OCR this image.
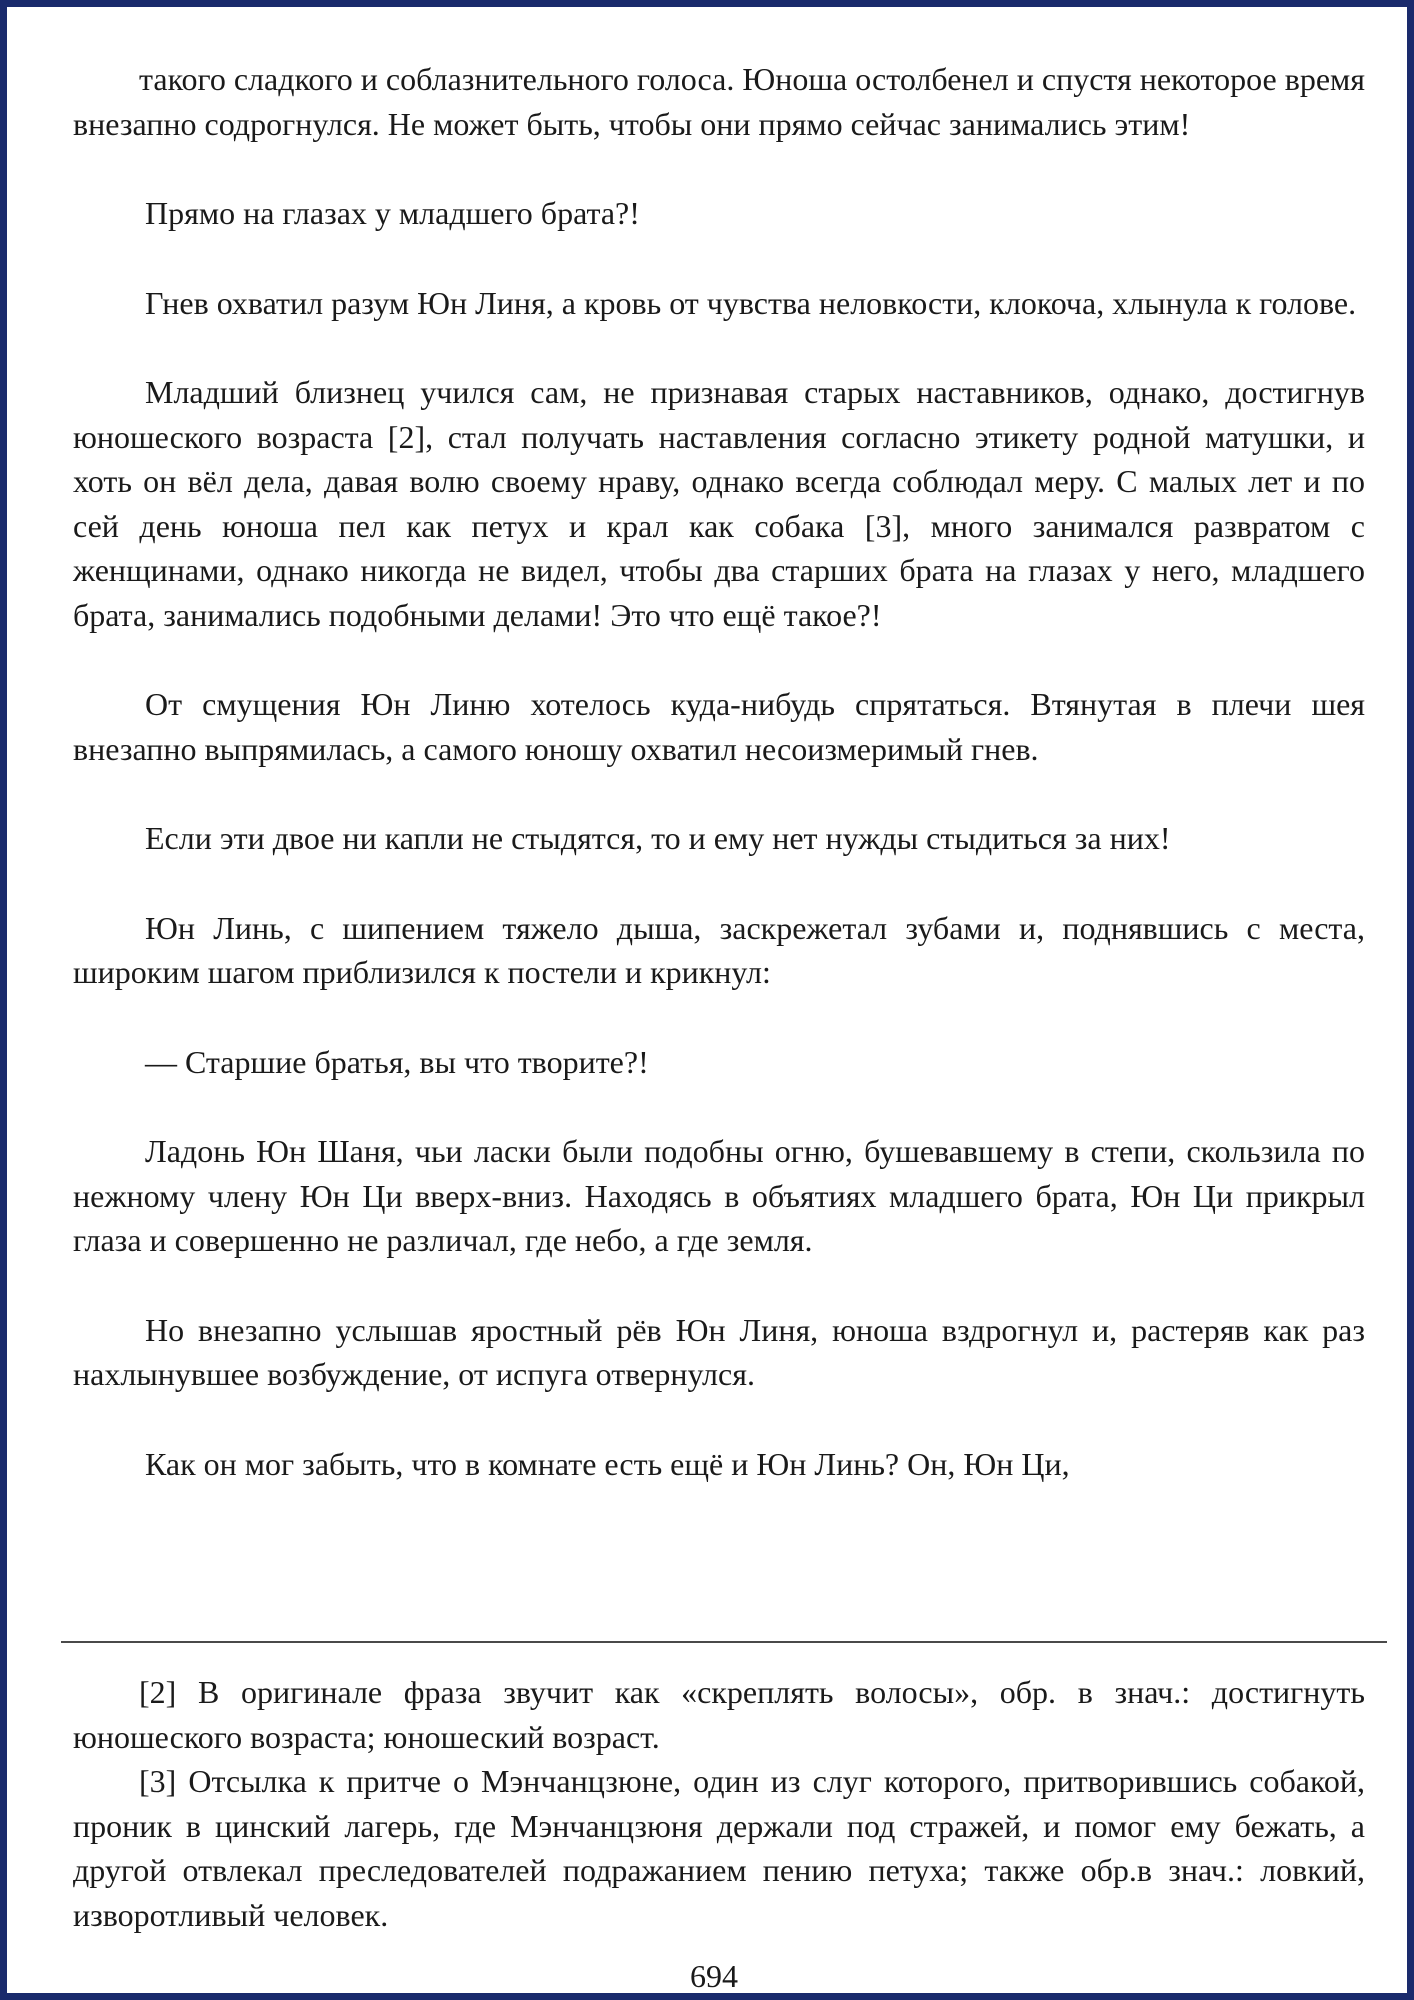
такого сладкого и соблазнительного голоса. Юноша остолбенел и спустя некоторое время внезапно содрогнулся. Не может быть, чтобы они прямо сейчас занимались этим!

Прямо на глазах у младшего брата?!

Гнев охватил разум Юн Линя, а кровь от чувства неловкости, клокоча, хлынула к голове.

Младший близнец учился сам, не признавая старых наставников, однако, достигнув юношеского возраста [2], стал получать наставления согласно этикету родной матушки, и хоть он вёл дела, давая волю своему нраву, однако всегда соблюдал меру. С малых лет и по сей день юноша пел как петух и крал как собака [3], много занимался развратом с женщинами, однако никогда не видел, чтобы два старших брата на глазах у него, младшего брата, занимались подобными делами! Это что ещё такое?!

От смущения Юн Линю хотелось куда-нибудь спрятаться. Втянутая в плечи шея внезапно выпрямилась, а самого юношу охватил несоизмеримый гнев.

Если эти двое ни капли не стыдятся, то и ему нет нужды стыдиться за них!

Юн Линь, с шипением тяжело дыша, заскрежетал зубами и, поднявшись с места, широким шагом приблизился к постели и крикнул:

— Старшие братья, вы что творите?!

Ладонь Юн Шаня, чьи ласки были подобны огню, бушевавшему в степи, скользила по нежному члену Юн Ци вверх-вниз. Находясь в объятиях младшего брата, Юн Ци прикрыл глаза и совершенно не различал, где небо, а где земля.

Но внезапно услышав яростный рёв Юн Линя, юноша вздрогнул и, растеряв как раз нахлынувшее возбуждение, от испуга отвернулся.

Как он мог забыть, что в комнате есть ещё и Юн Линь? Он, Юн Ци,

[2] В оригинале фраза звучит как «скреплять волосы», обр. в знач.: достигнуть юношеского возраста; юношеский возраст.

[3] Отсылка к притче о Мэнчанцзюне, один из слуг которого, притворившись собакой, проник в цинский лагерь, где Мэнчанцзюня держали под стражей, и помог ему бежать, а другой отвлекал преследователей подражанием пению петуха; также обр.в знач.: ловкий, изворотливый человек.

694
